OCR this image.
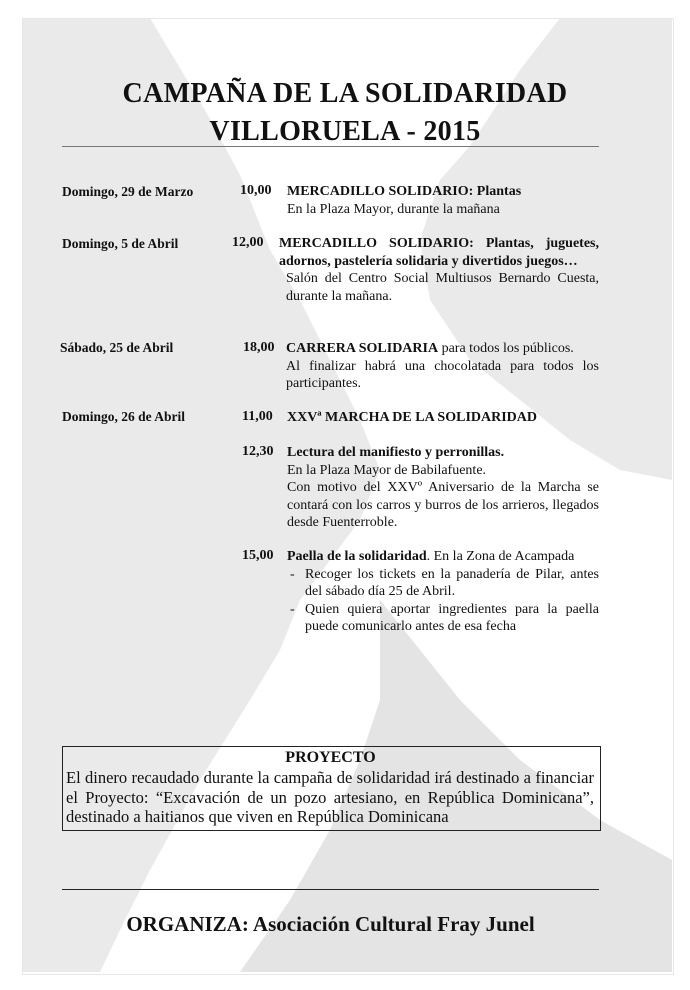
CAMPAÑA DE LA SOLIDARIDAD
VILLORUELA - 2015
Domingo, 29 de Marzo	10,00 MERCADILLO SOLIDARIO: Plantas
En la Plaza Mayor, durante la mañana
Domingo, 5 de Abril	12,00 MERCADILLO SOLIDARIO: Plantas, juguetes, adornos, pastelería solidaria y divertidos juegos…
Salón del Centro Social Multiusos Bernardo Cuesta, durante la mañana.
Sábado, 25 de Abril	18,00 CARRERA SOLIDARIA para todos los públicos.
Al finalizar habrá una chocolatada para todos los participantes.
Domingo, 26 de Abril	11,00 XXVª MARCHA DE LA SOLIDARIDAD
12,30 Lectura del manifiesto y perronillas.
En la Plaza Mayor de Babilafuente.
Con motivo del XXVº Aniversario de la Marcha se contará con los carros y burros de los arrieros, llegados desde Fuenterroble.
15,00 Paella de la solidaridad. En la Zona de Acampada
- Recoger los tickets en la panadería de Pilar, antes del sábado día 25 de Abril.
- Quien quiera aportar ingredientes para la paella puede comunicarlo antes de esa fecha
PROYECTO
El dinero recaudado durante la campaña de solidaridad irá destinado a financiar el Proyecto: “Excavación de un pozo artesiano, en República Dominicana”, destinado a haitianos que viven en República Dominicana
ORGANIZA: Asociación Cultural Fray Junel
